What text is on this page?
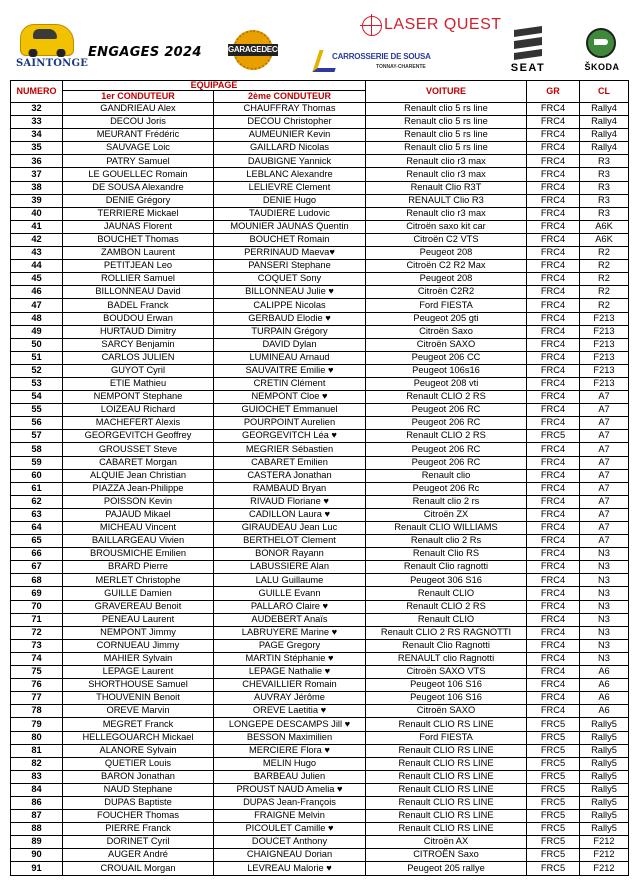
SAINTONGE
ENGAGES 2024	GARAGEDECOU
CARROSSERIE DE SOUSA
TONNAY-CHARENTE
LASER QUEST
SEAT	ŠKODA
NUMERO	EQUIPAGE		VOITURE	GR	CL
	1er CONDUTEUR	2ème CONDUTEUR			
32	GANDRIEAU Alex	CHAUFFRAY Thomas	Renault clio 5 rs line	FRC4	Rally4
33	DECOU Joris	DECOU Christopher	Renault clio 5 rs line	FRC4	Rally4
34	MEURANT Frédéric	AUMEUNIER Kevin	Renault clio 5 rs line	FRC4	Rally4
35	SAUVAGE Loic	GAILLARD Nicolas	Renault clio 5 rs line	FRC4	Rally4
36	PATRY Samuel	DAUBIGNE Yannick	Renault clio r3 max	FRC4	R3
37	LE GOUELLEC Romain	LEBLANC Alexandre	Renault clio r3 max	FRC4	R3
38	DE SOUSA Alexandre	LELIEVRE Clement	Renault Clio R3T	FRC4	R3
39	DENIE Grégory	DENIE Hugo	RENAULT Clio R3	FRC4	R3
40	TERRIERE Mickael	TAUDIERE Ludovic	Renault clio r3 max	FRC4	R3
41	JAUNAS Florent	MOUNIER JAUNAS Quentin	Citroën saxo kit car	FRC4	A6K
42	BOUCHET Thomas	BOUCHET Romain	Citroën C2 VTS	FRC4	A6K
43	ZAMBON Laurent	PERRINAUD Maeva♥	Peugeot 208	FRC4	R2
44	PETITJEAN Leo	PANSERI Stephane	Citroën C2 R2 Max	FRC4	R2
45	ROLLIER Samuel	COQUET Sony	Peugeot 208	FRC4	R2
46	BILLONNEAU David	BILLONNEAU Julie ♥	Citroën C2R2	FRC4	R2
47	BADEL Franck	CALIPPE Nicolas	Ford FIESTA	FRC4	R2
48	BOUDOU Erwan	GERBAUD Elodie ♥	Peugeot 205 gti	FRC4	F213
49	HURTAUD Dimitry	TURPAIN Grégory	Citroën Saxo	FRC4	F213
50	SARCY Benjamin	DAVID Dylan	Citroën SAXO	FRC4	F213
51	CARLOS JULIEN	LUMINEAU Arnaud	Peugeot 206 CC	FRC4	F213
52	GUYOT Cyril	SAUVAITRE Emilie ♥	Peugeot 106s16	FRC4	F213
53	ETIE Mathieu	CRETIN Clément	Peugeot 208 vti	FRC4	F213
54	NEMPONT Stephane	NEMPONT Cloe ♥	Renault CLIO 2 RS	FRC4	A7
55	LOIZEAU Richard	GUIOCHET Emmanuel	Peugeot 206 RC	FRC4	A7
56	MACHEFERT Alexis	POURPOINT Aurelien	Peugeot 206 RC	FRC4	A7
57	GEORGEVITCH Geoffrey	GEORGEVITCH Léa ♥	Renault CLIO 2 RS	FRC5	A7
58	GROUSSET Steve	MEGRIER Sébastien	Peugeot 206 RC	FRC4	A7
59	CABARET Morgan	CABARET Emilien	Peugeot 206 RC	FRC4	A7
60	ALQUIE Jean Christian	CASTERA Jonathan	Renault clio	FRC4	A7
61	PIAZZA Jean-Philippe	RAMBAUD Bryan	Peugeot 206 Rc	FRC4	A7
62	POISSON Kevin	RIVAUD Floriane ♥	Renault clio 2 rs	FRC4	A7
63	PAJAUD Mikael	CADILLON Laura ♥	Citroën ZX	FRC4	A7
64	MICHEAU Vincent	GIRAUDEAU Jean Luc	Renault CLIO WILLIAMS	FRC4	A7
65	BAILLARGEAU Vivien	BERTHELOT Clement	Renault clio 2 Rs	FRC4	A7
66	BROUSMICHE Emilien	BONOR Rayann	Renault Clio RS	FRC4	N3
67	BRARD Pierre	LABUSSIERE Alan	Renault Clio ragnotti	FRC4	N3
68	MERLET Christophe	LALU Guillaume	Peugeot 306 S16	FRC4	N3
69	GUILLE Damien	GUILLE Evann	Renault CLIO	FRC4	N3
70	GRAVEREAU Benoit	PALLARO Claire ♥	Renault CLIO 2 RS	FRC4	N3
71	PENEAU Laurent	AUDEBERT Anaïs	Renault CLIO	FRC4	N3
72	NEMPONT Jimmy	LABRUYERE Marine ♥	Renault CLIO 2 RS RAGNOTTI	FRC4	N3
73	CORNUEAU Jimmy	PAGE Gregory	Renault Clio Ragnotti	FRC4	N3
74	MAHIER Sylvain	MARTIN Stéphanie ♥	RENAULT clio Ragnotti	FRC4	N3
75	LEPAGE Laurent	LEPAGE Nathalie ♥	Citroën SAXO VTS	FRC4	A6
76	SHORTHOUSE Samuel	CHEVAILLIER Romain	Peugeot 106 S16	FRC4	A6
77	THOUVENIN Benoit	AUVRAY Jérôme	Peugeot 106 S16	FRC4	A6
78	OREVE Marvin	OREVE Laetitia ♥	Citroën SAXO	FRC4	A6
79	MEGRET Franck	LONGEPE DESCAMPS Jill ♥	Renault CLIO RS LINE	FRC5	Rally5
80	HELLEGOUARCH Mickael	BESSON Maximilien	Ford FIESTA	FRC5	Rally5
81	ALANORE Sylvain	MERCIERE Flora ♥	Renault CLIO RS LINE	FRC5	Rally5
82	QUETIER Louis	MELIN Hugo	Renault CLIO RS LINE	FRC5	Rally5
83	BARON Jonathan	BARBEAU Julien	Renault CLIO RS LINE	FRC5	Rally5
84	NAUD Stephane	PROUST NAUD Amelia ♥	Renault CLIO RS LINE	FRC5	Rally5
86	DUPAS Baptiste	DUPAS Jean-François	Renault CLIO RS LINE	FRC5	Rally5
87	FOUCHER Thomas	FRAIGNE Melvin	Renault CLIO RS LINE	FRC5	Rally5
88	PIERRE Franck	PICOULET Camille ♥	Renault CLIO RS LINE	FRC5	Rally5
89	DORINET Cyril	DOUCET Anthony	Citroën AX	FRC5	F212
90	AUGER André	CHAIGNEAU Dorian	CITROËN Saxo	FRC5	F212
91	CROUAIL Morgan	LEVREAU Malorie ♥	Peugeot 205 rallye	FRC5	F212
